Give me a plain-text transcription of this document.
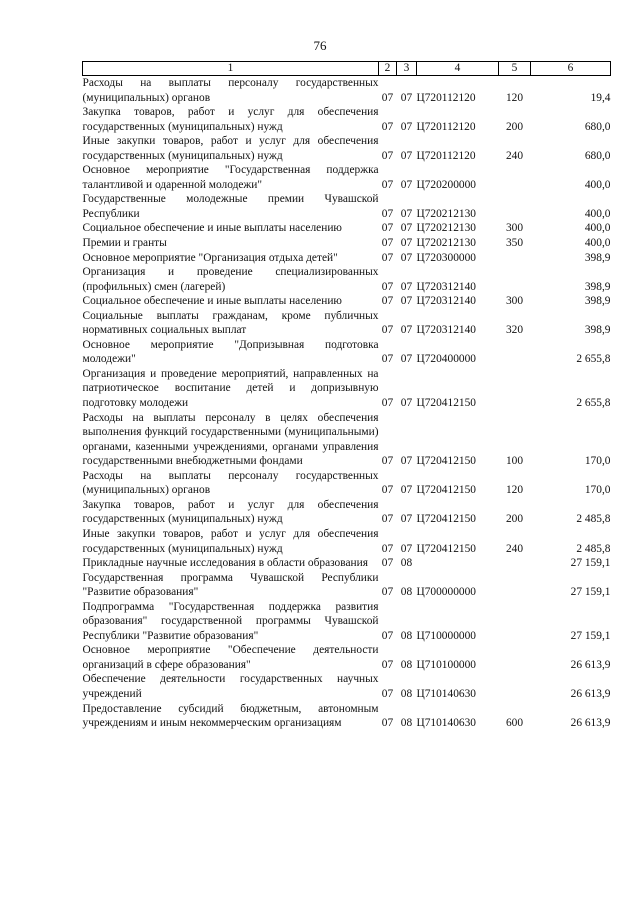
76
1	2	3	4	5	6
Расходы на выплаты персоналу государственных (муниципальных) органов	07	07	Ц720112120	120	19,4
Закупка товаров, работ и услуг для обеспечения государственных (муниципальных) нужд	07	07	Ц720112120	200	680,0
Иные закупки товаров, работ и услуг для обеспечения государственных (муниципальных) нужд	07	07	Ц720112120	240	680,0
Основное мероприятие "Государственная поддержка талантливой и одаренной молодежи"	07	07	Ц720200000		400,0
Государственные молодежные премии Чувашской Республики	07	07	Ц720212130		400,0
Социальное обеспечение и иные выплаты населению	07	07	Ц720212130	300	400,0
Премии и гранты	07	07	Ц720212130	350	400,0
Основное мероприятие "Организация отдыха детей"	07	07	Ц720300000		398,9
Организация и проведение специализированных (профильных) смен (лагерей)	07	07	Ц720312140		398,9
Социальное обеспечение и иные выплаты населению	07	07	Ц720312140	300	398,9
Социальные выплаты гражданам, кроме публичных нормативных социальных выплат	07	07	Ц720312140	320	398,9
Основное мероприятие "Допризывная подготовка молодежи"	07	07	Ц720400000		2 655,8
Организация и проведение мероприятий, направленных на патриотическое воспитание детей и допризывную подготовку молодежи	07	07	Ц720412150		2 655,8
Расходы на выплаты персоналу в целях обеспечения выполнения функций государственными (муниципальными) органами, казенными учреждениями, органами управления государственными внебюджетными фондами	07	07	Ц720412150	100	170,0
Расходы на выплаты персоналу государственных (муниципальных) органов	07	07	Ц720412150	120	170,0
Закупка товаров, работ и услуг для обеспечения государственных (муниципальных) нужд	07	07	Ц720412150	200	2 485,8
Иные закупки товаров, работ и услуг для обеспечения государственных (муниципальных) нужд	07	07	Ц720412150	240	2 485,8
Прикладные научные исследования в области образования	07	08			27 159,1
Государственная программа Чувашской Республики "Развитие образования"	07	08	Ц700000000		27 159,1
Подпрограмма "Государственная поддержка развития образования" государственной программы Чувашской Республики "Развитие образования"	07	08	Ц710000000		27 159,1
Основное мероприятие "Обеспечение деятельности организаций в сфере образования"	07	08	Ц710100000		26 613,9
Обеспечение деятельности государственных научных учреждений	07	08	Ц710140630		26 613,9
Предоставление субсидий бюджетным, автономным учреждениям и иным некоммерческим организациям	07	08	Ц710140630	600	26 613,9
